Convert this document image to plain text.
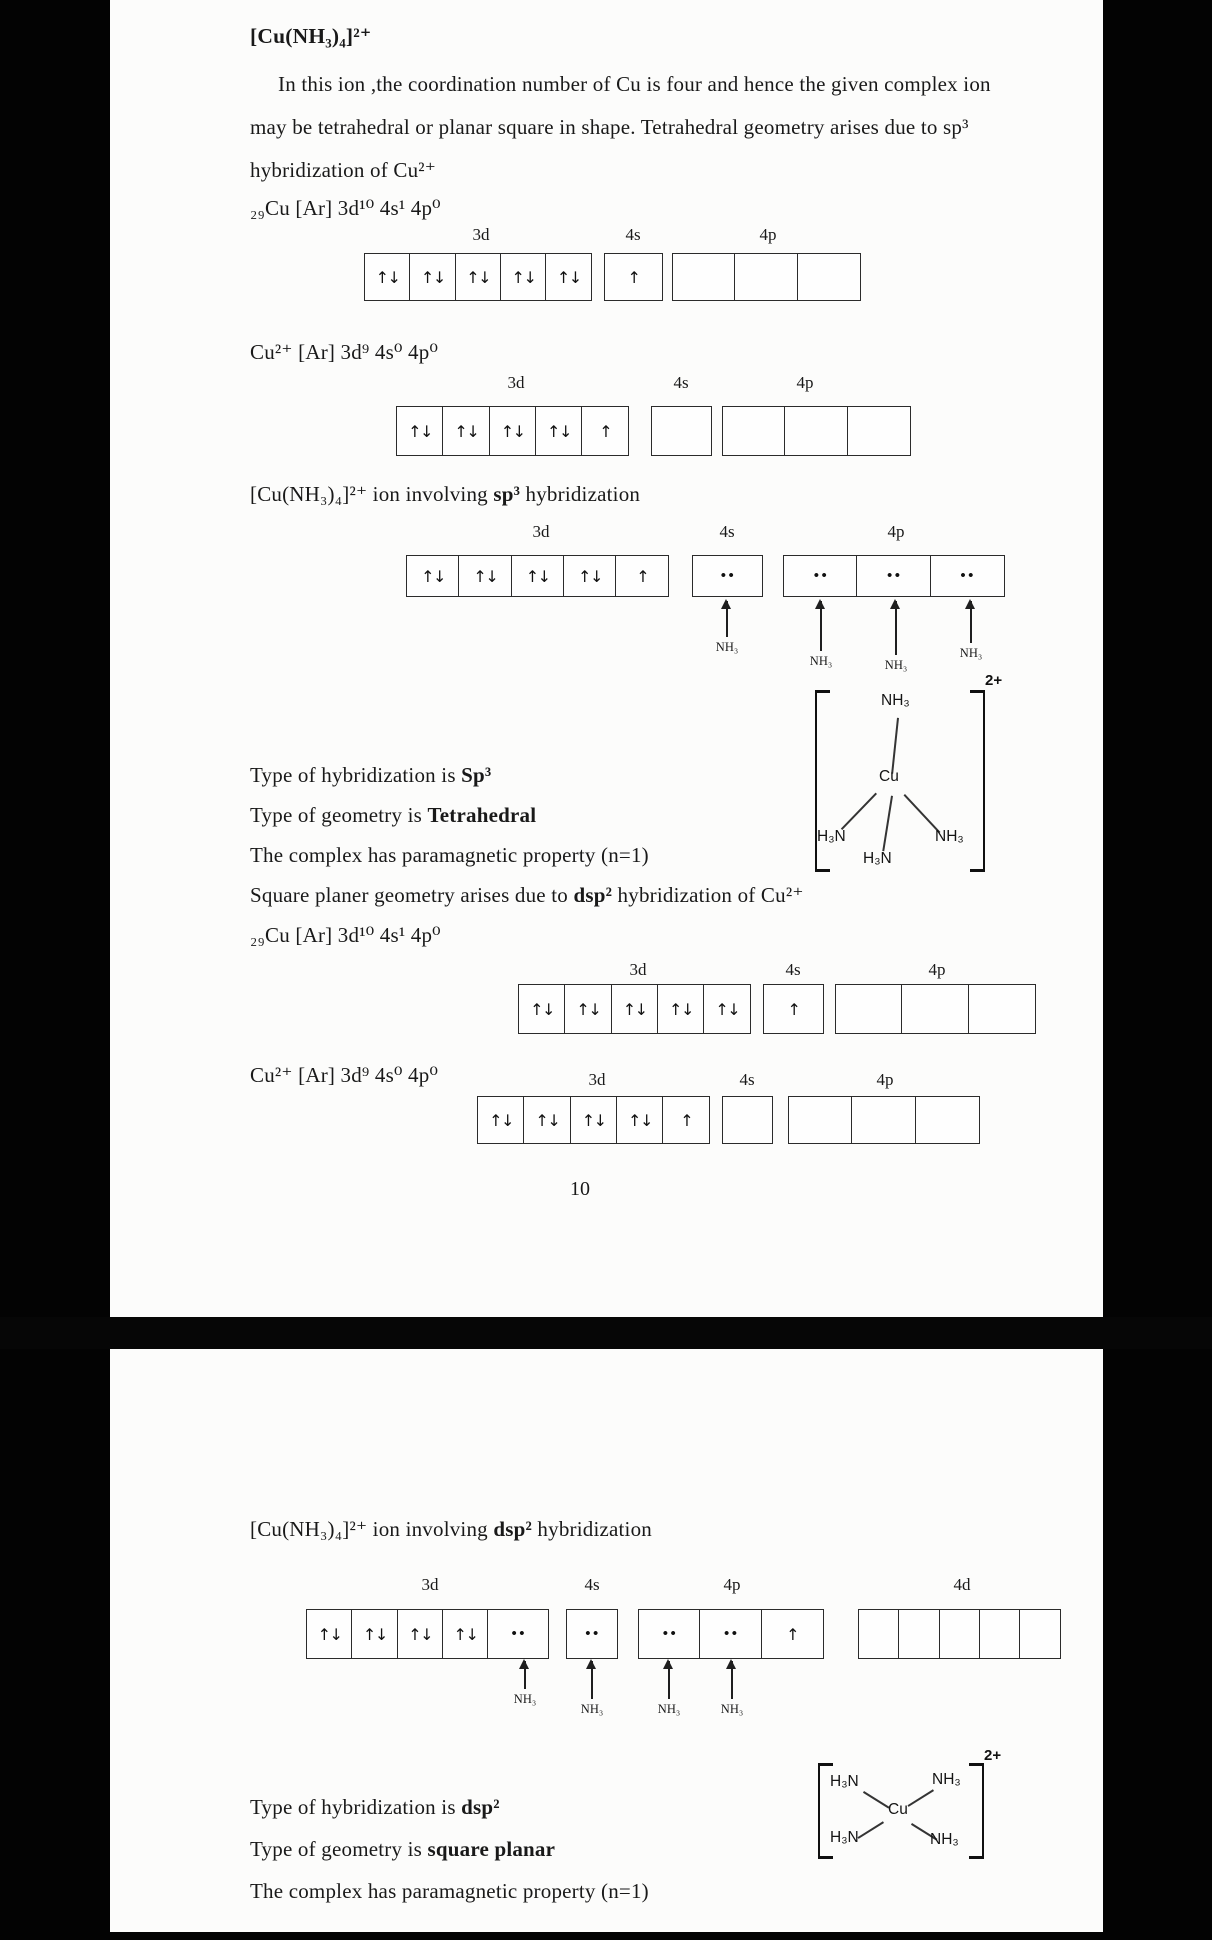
[Cu(NH₃)₄]²⁺
In this ion ,the coordination number of Cu is four and hence the given complex ion
may be tetrahedral or planar square in shape. Tetrahedral geometry arises due to sp³
hybridization of Cu²⁺
₂₉Cu [Ar] 3d¹⁰ 4s¹ 4p⁰
3d	4s	4p
↑↓	↑↓	↑↓	↑↓	↑↓	↑
Cu²⁺ [Ar] 3d⁹ 4s⁰ 4p⁰
3d	4s	4p
↑↓	↑↓	↑↓	↑↓	↑
[Cu(NH₃)₄]²⁺ ion involving sp³ hybridization
3d	4s	4p
↑↓	↑↓	↑↓	↑↓	↑	••	••	••	••
NH₃
NH₃	NH₃
NH₃
2+
NH₃
Cu
H₃N
H₃N
NH₃
Type of hybridization is Sp³
Type of geometry is Tetrahedral
The complex has paramagnetic property (n=1)
Square planer geometry arises due to dsp² hybridization of Cu²⁺
₂₉Cu [Ar] 3d¹⁰ 4s¹ 4p⁰
3d	4s	4p
↑↓	↑↓	↑↓	↑↓	↑↓	↑
Cu²⁺ [Ar] 3d⁹ 4s⁰ 4p⁰	3d	4s	4p
↑↓	↑↓	↑↓	↑↓	↑
10
[Cu(NH₃)₄]²⁺ ion involving dsp² hybridization
3d	4s	4p	4d
↑↓	↑↓	↑↓	↑↓	••	••	••	••	↑
NH₃
NH₃	NH₃	NH₃
Type of hybridization is dsp²
Type of geometry is square planar
The complex has paramagnetic property (n=1)
2+
H₃N	NH₃
Cu
H₃N	NH₃
